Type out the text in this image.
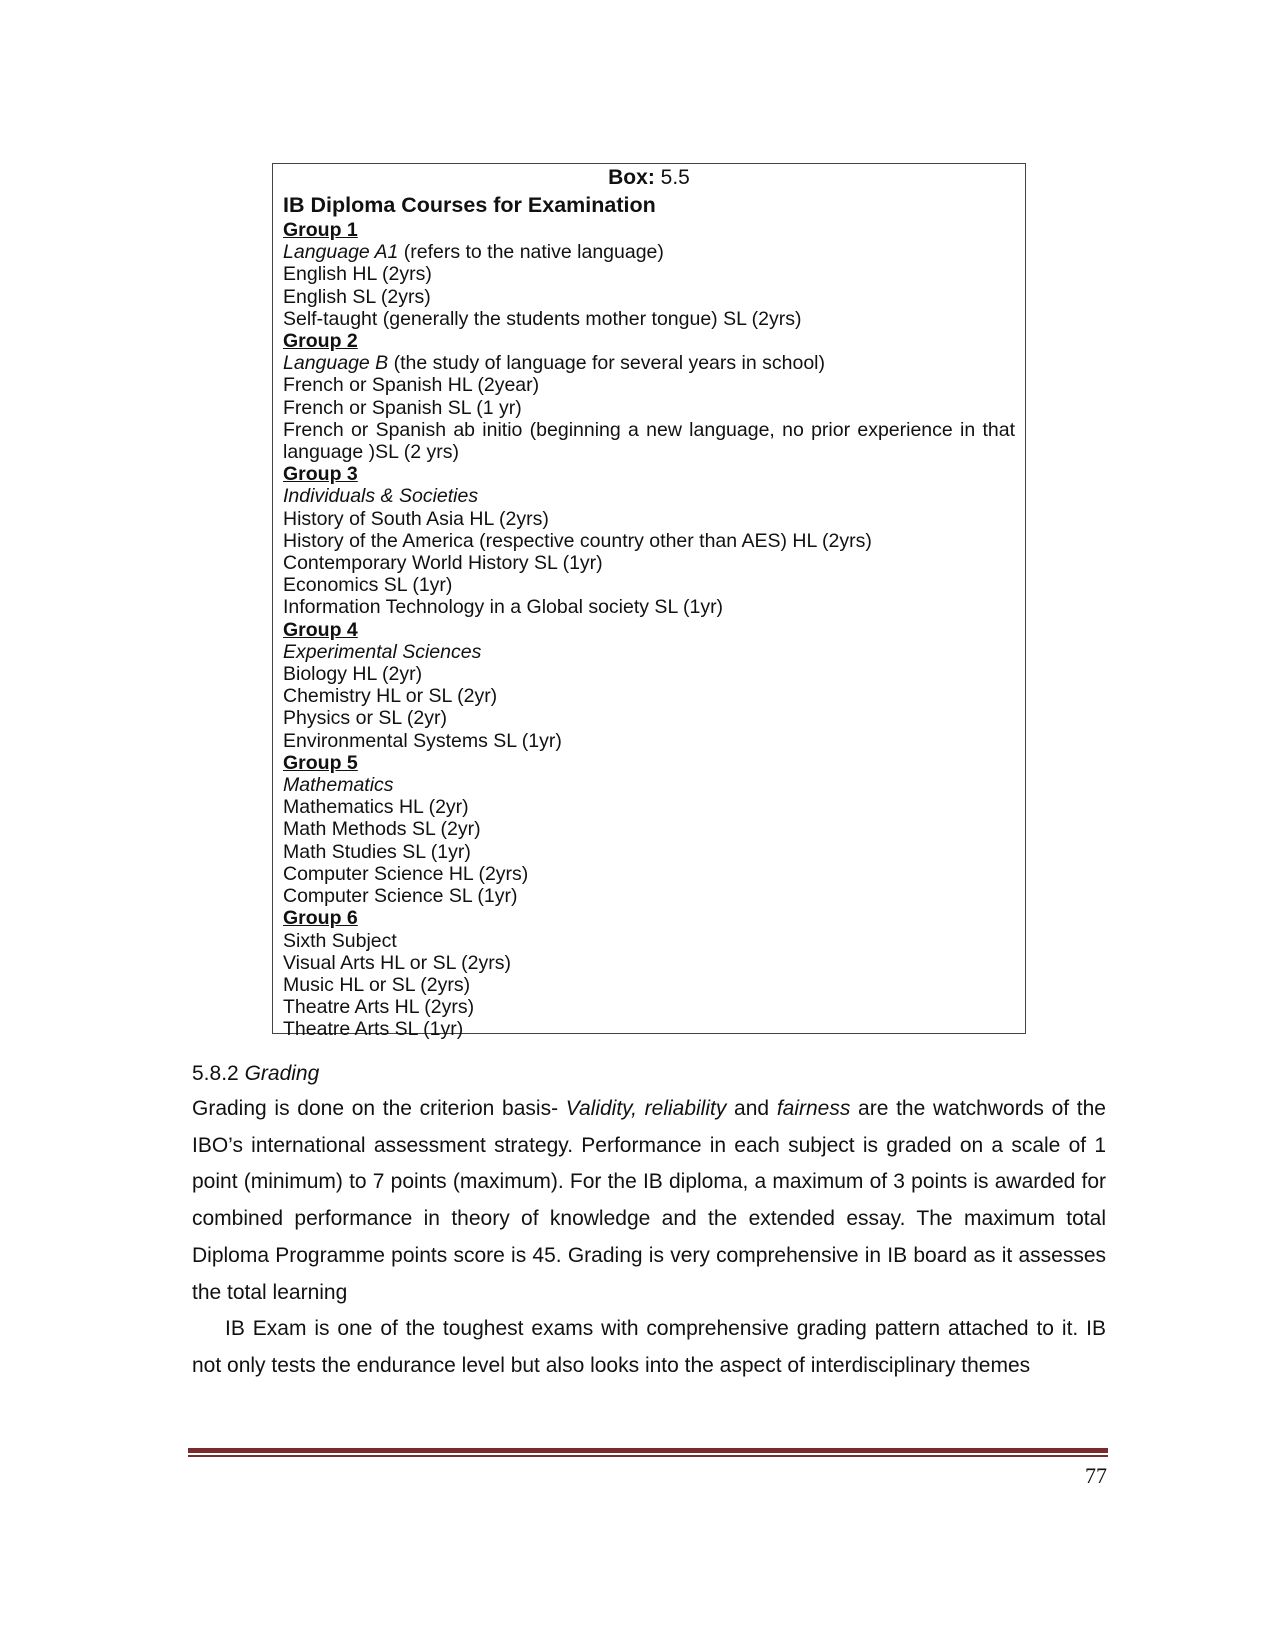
Box: 5.5
IB Diploma Courses for Examination
Group 1
Language A1 (refers to the native language)
English HL (2yrs)
English SL (2yrs)
Self-taught (generally the students mother tongue) SL (2yrs)
Group 2
Language B (the study of language for several years in school)
French or Spanish HL (2year)
French or Spanish SL (1 yr)
French or Spanish ab initio (beginning a new language, no prior experience in that language )SL (2 yrs)
Group 3
Individuals & Societies
History of South Asia HL (2yrs)
History of the America (respective country other than AES) HL (2yrs)
Contemporary World History SL (1yr)
Economics SL (1yr)
Information Technology in a Global society SL (1yr)
Group 4
Experimental Sciences
Biology HL (2yr)
Chemistry HL or SL (2yr)
Physics or SL (2yr)
Environmental Systems SL (1yr)
Group 5
Mathematics
Mathematics HL (2yr)
Math Methods SL (2yr)
Math Studies SL (1yr)
Computer Science HL (2yrs)
Computer Science SL (1yr)
Group 6
Sixth Subject
Visual Arts HL or SL (2yrs)
Music HL or SL (2yrs)
Theatre Arts HL (2yrs)
Theatre Arts SL (1yr)
5.8.2 Grading
Grading is done on the criterion basis- Validity, reliability and fairness are the watchwords of the IBO’s international assessment strategy. Performance in each subject is graded on a scale of 1 point (minimum) to 7 points (maximum). For the IB diploma, a maximum of 3 points is awarded for combined performance in theory of knowledge and the extended essay. The maximum total Diploma Programme points score is 45. Grading is very comprehensive in IB board as it assesses the total learning
IB Exam is one of the toughest exams with comprehensive grading pattern attached to it. IB not only tests the endurance level but also looks into the aspect of interdisciplinary themes
77
